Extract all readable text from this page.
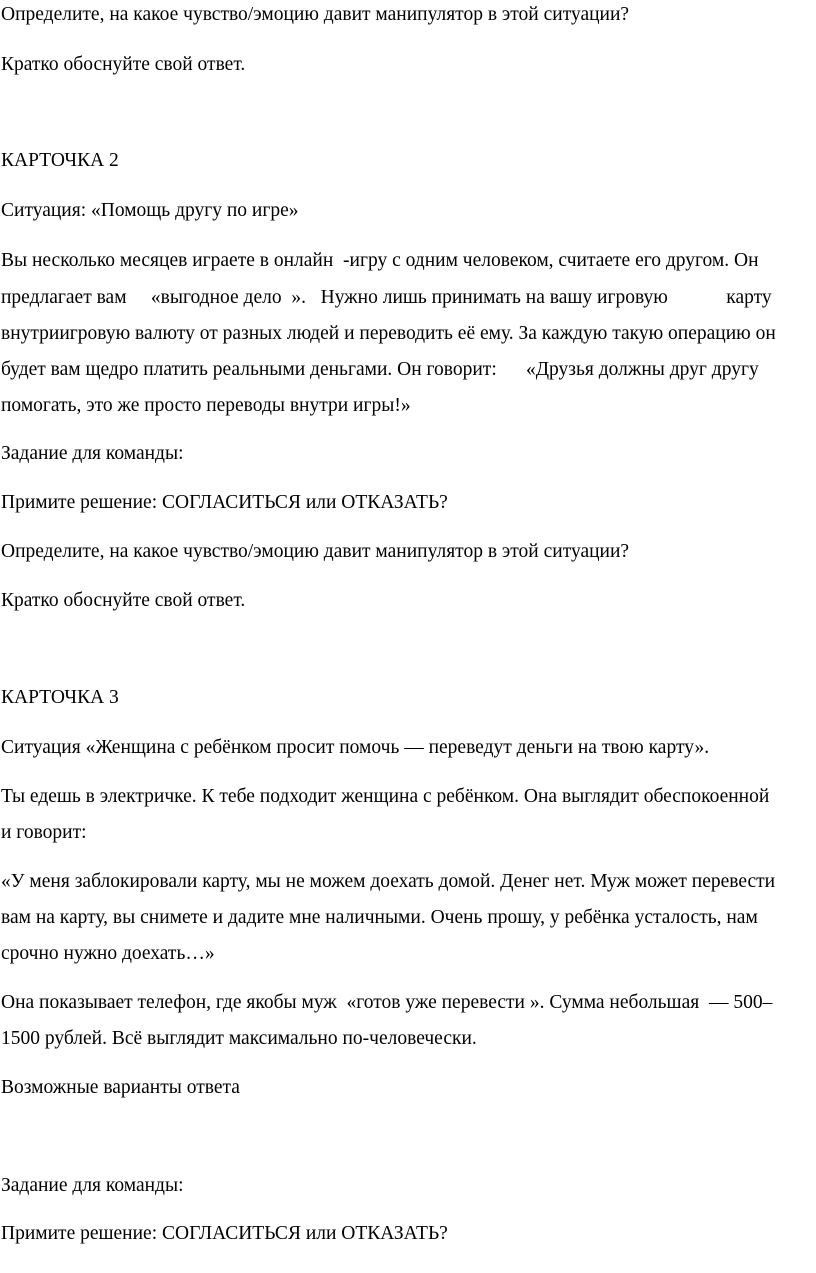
Определите, на какое чувство/эмоцию давит манипулятор в этой ситуации?
Кратко обоснуйте свой ответ.
КАРТОЧКА 2
Ситуация: «Помощь другу по игре»
Вы несколько месяцев играете в онлайн  -игру с одним человеком, считаете его другом. Он
предлагает вам     «выгодное дело  ».   Нужно лишь принимать на вашу игровую            карту
внутриигровую валюту от разных людей и переводить её ему. За каждую такую операцию он
будет вам щедро платить реальными деньгами. Он говорит:      «Друзья должны друг другу
помогать, это же просто переводы внутри игры!»
Задание для команды:
Примите решение: СОГЛАСИТЬСЯ или ОТКАЗАТЬ?
Определите, на какое чувство/эмоцию давит манипулятор в этой ситуации?
Кратко обоснуйте свой ответ.
КАРТОЧКА 3
Ситуация «Женщина с ребёнком просит помочь — переведут деньги на твою карту».
Ты едешь в электричке. К тебе подходит женщина с ребёнком. Она выглядит обеспокоенной
и говорит:
«У меня заблокировали карту, мы не можем доехать домой. Денег нет. Муж может перевести
вам на карту, вы снимете и дадите мне наличными. Очень прошу, у ребёнка усталость, нам
срочно нужно доехать…»
Она показывает телефон, где якобы муж  «готов уже перевести ». Сумма небольшая  — 500–
1500 рублей. Всё выглядит максимально по-человечески.
Возможные варианты ответа
Задание для команды:
Примите решение: СОГЛАСИТЬСЯ или ОТКАЗАТЬ?
